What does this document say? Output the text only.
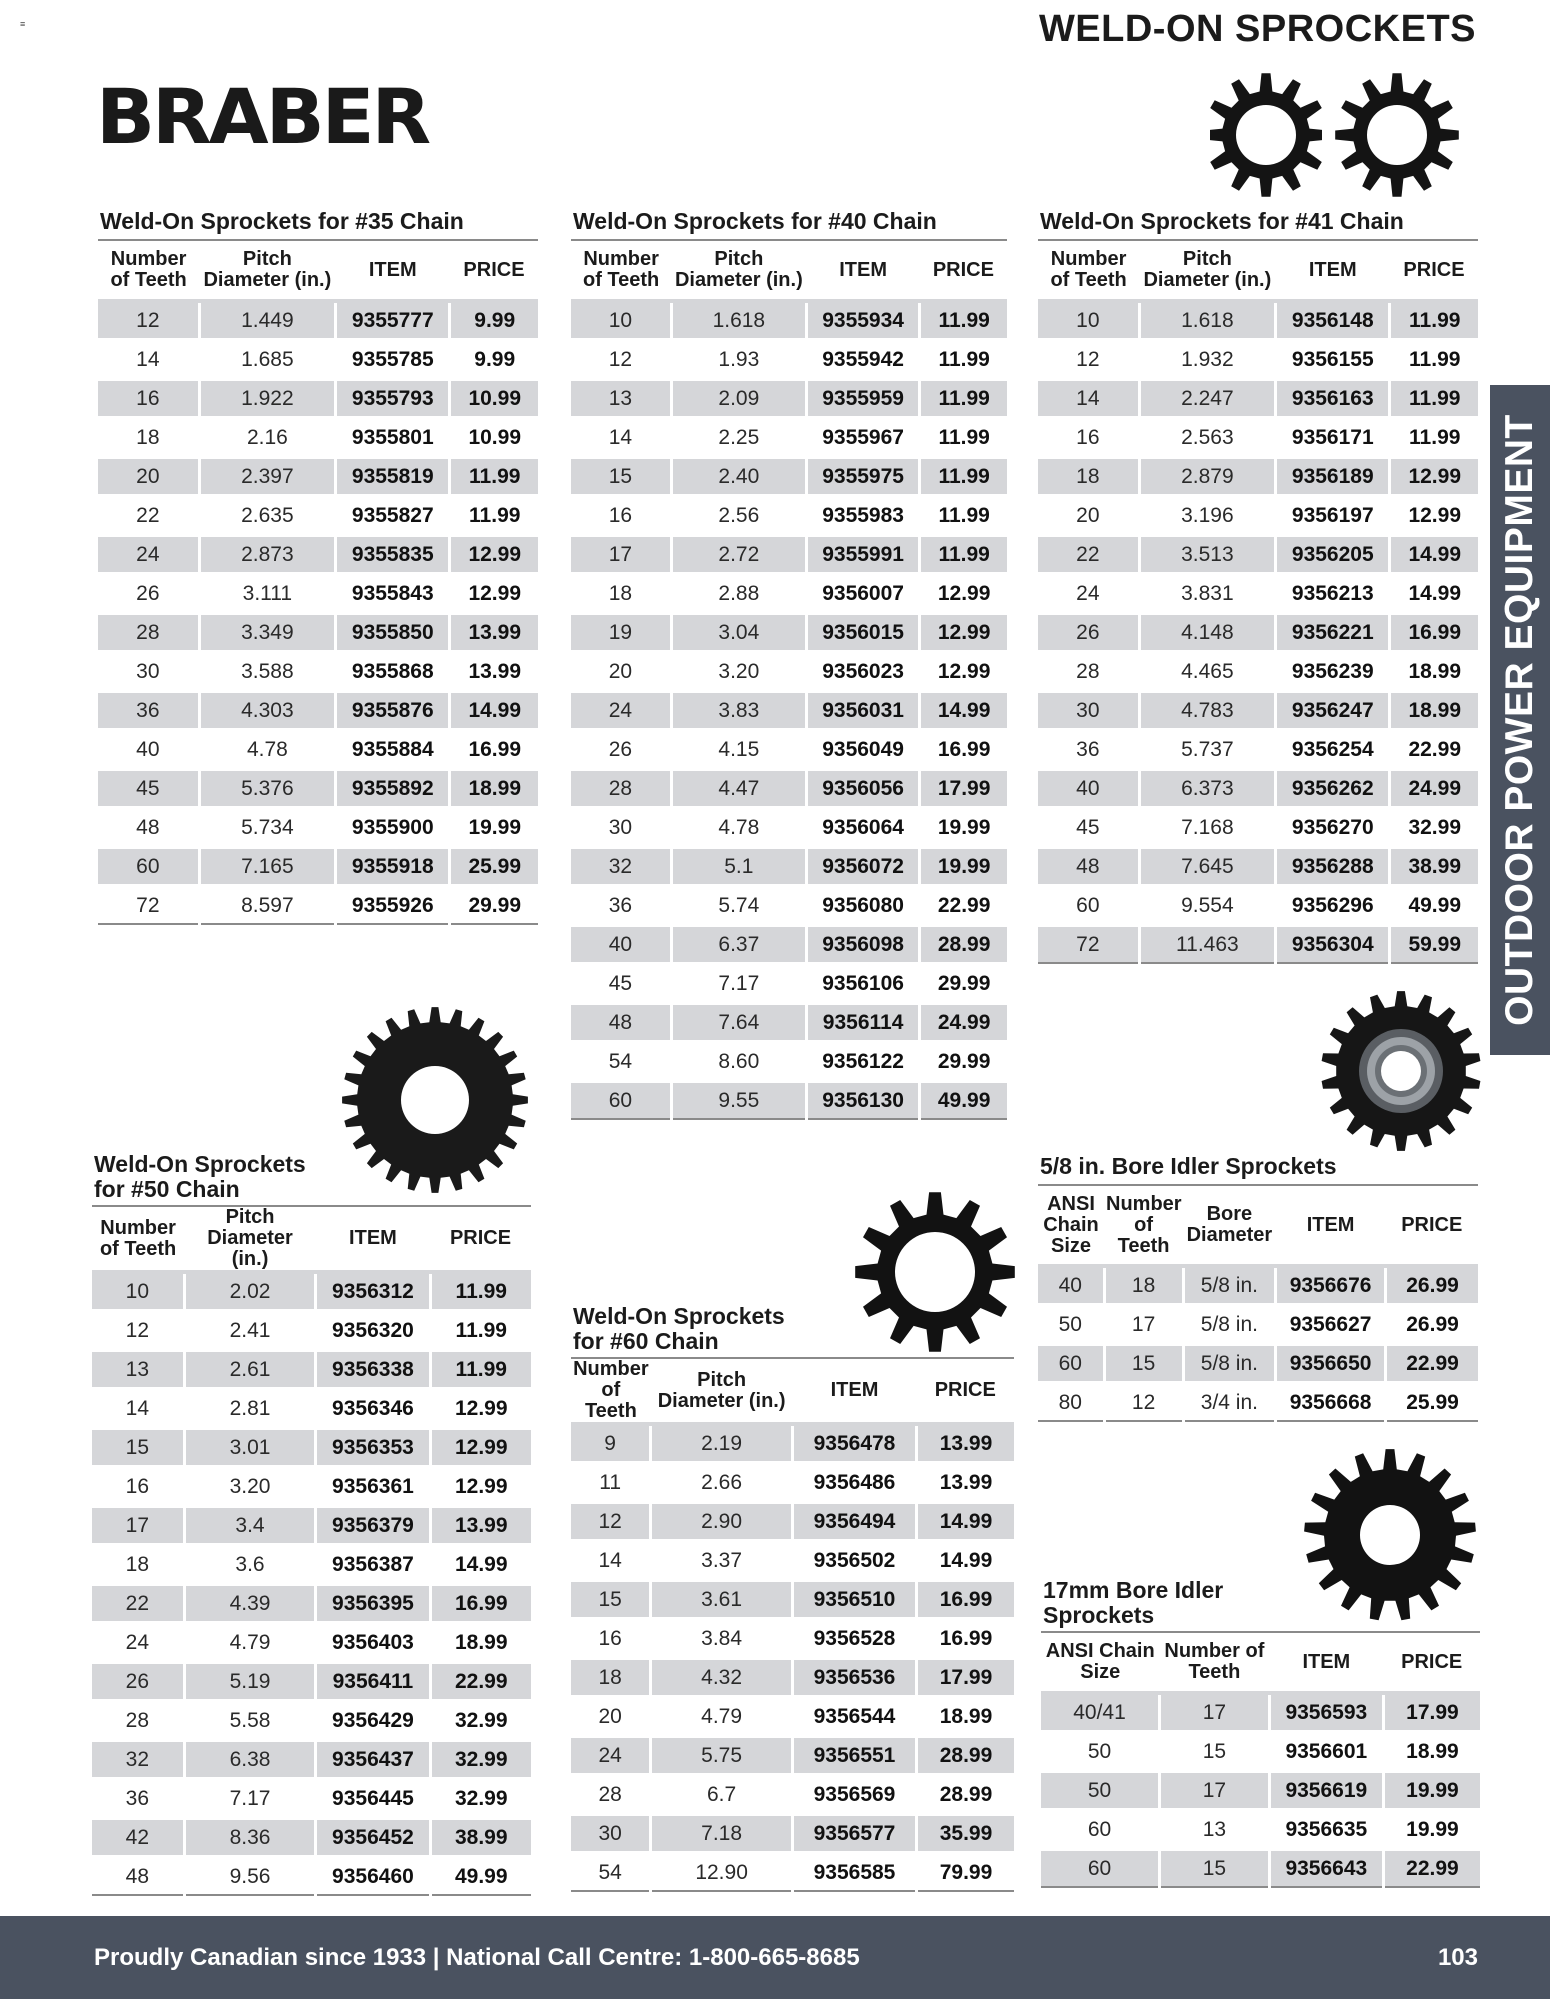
≡	WELD-ON SPROCKETS
BRABER
Weld-On Sprockets for #35 Chain
Number of Teeth	Pitch Diameter (in.)	ITEM	PRICE
12	1.449	9355777	9.99
14	1.685	9355785	9.99
16	1.922	9355793	10.99
18	2.16	9355801	10.99
20	2.397	9355819	11.99
22	2.635	9355827	11.99
24	2.873	9355835	12.99
26	3.111	9355843	12.99
28	3.349	9355850	13.99
30	3.588	9355868	13.99
36	4.303	9355876	14.99
40	4.78	9355884	16.99
45	5.376	9355892	18.99
48	5.734	9355900	19.99
60	7.165	9355918	25.99
72	8.597	9355926	29.99
Weld-On Sprockets for #40 Chain
Number of Teeth	Pitch Diameter (in.)	ITEM	PRICE
10	1.618	9355934	11.99
12	1.93	9355942	11.99
13	2.09	9355959	11.99
14	2.25	9355967	11.99
15	2.40	9355975	11.99
16	2.56	9355983	11.99
17	2.72	9355991	11.99
18	2.88	9356007	12.99
19	3.04	9356015	12.99
20	3.20	9356023	12.99
24	3.83	9356031	14.99
26	4.15	9356049	16.99
28	4.47	9356056	17.99
30	4.78	9356064	19.99
32	5.1	9356072	19.99
36	5.74	9356080	22.99
40	6.37	9356098	28.99
45	7.17	9356106	29.99
48	7.64	9356114	24.99
54	8.60	9356122	29.99
60	9.55	9356130	49.99
Weld-On Sprockets for #41 Chain
Number of Teeth	Pitch Diameter (in.)	ITEM	PRICE
10	1.618	9356148	11.99
12	1.932	9356155	11.99
14	2.247	9356163	11.99
16	2.563	9356171	11.99
18	2.879	9356189	12.99
20	3.196	9356197	12.99
22	3.513	9356205	14.99
24	3.831	9356213	14.99
26	4.148	9356221	16.99
28	4.465	9356239	18.99
30	4.783	9356247	18.99
36	5.737	9356254	22.99
40	6.373	9356262	24.99
45	7.168	9356270	32.99
48	7.645	9356288	38.99
60	9.554	9356296	49.99
72	11.463	9356304	59.99
Weld-On Sprockets for #50 Chain
Number of Teeth	Pitch Diameter (in.)	ITEM	PRICE
10	2.02	9356312	11.99
12	2.41	9356320	11.99
13	2.61	9356338	11.99
14	2.81	9356346	12.99
15	3.01	9356353	12.99
16	3.20	9356361	12.99
17	3.4	9356379	13.99
18	3.6	9356387	14.99
22	4.39	9356395	16.99
24	4.79	9356403	18.99
26	5.19	9356411	22.99
28	5.58	9356429	32.99
32	6.38	9356437	32.99
36	7.17	9356445	32.99
42	8.36	9356452	38.99
48	9.56	9356460	49.99
Weld-On Sprockets for #60 Chain
Number of Teeth	Pitch Diameter (in.)	ITEM	PRICE
9	2.19	9356478	13.99
11	2.66	9356486	13.99
12	2.90	9356494	14.99
14	3.37	9356502	14.99
15	3.61	9356510	16.99
16	3.84	9356528	16.99
18	4.32	9356536	17.99
20	4.79	9356544	18.99
24	5.75	9356551	28.99
28	6.7	9356569	28.99
30	7.18	9356577	35.99
54	12.90	9356585	79.99
5/8 in. Bore Idler Sprockets
ANSI Chain Size	Number of Teeth	Bore Diameter	ITEM	PRICE
40	18	5/8 in.	9356676	26.99
50	17	5/8 in.	9356627	26.99
60	15	5/8 in.	9356650	22.99
80	12	3/4 in.	9356668	25.99
17mm Bore Idler Sprockets
ANSI Chain Size	Number of Teeth	ITEM	PRICE
40/41	17	9356593	17.99
50	15	9356601	18.99
50	17	9356619	19.99
60	13	9356635	19.99
60	15	9356643	22.99
OUTDOOR POWER EQUIPMENT
Proudly Canadian since 1933 | National Call Centre: 1-800-665-8685	103
